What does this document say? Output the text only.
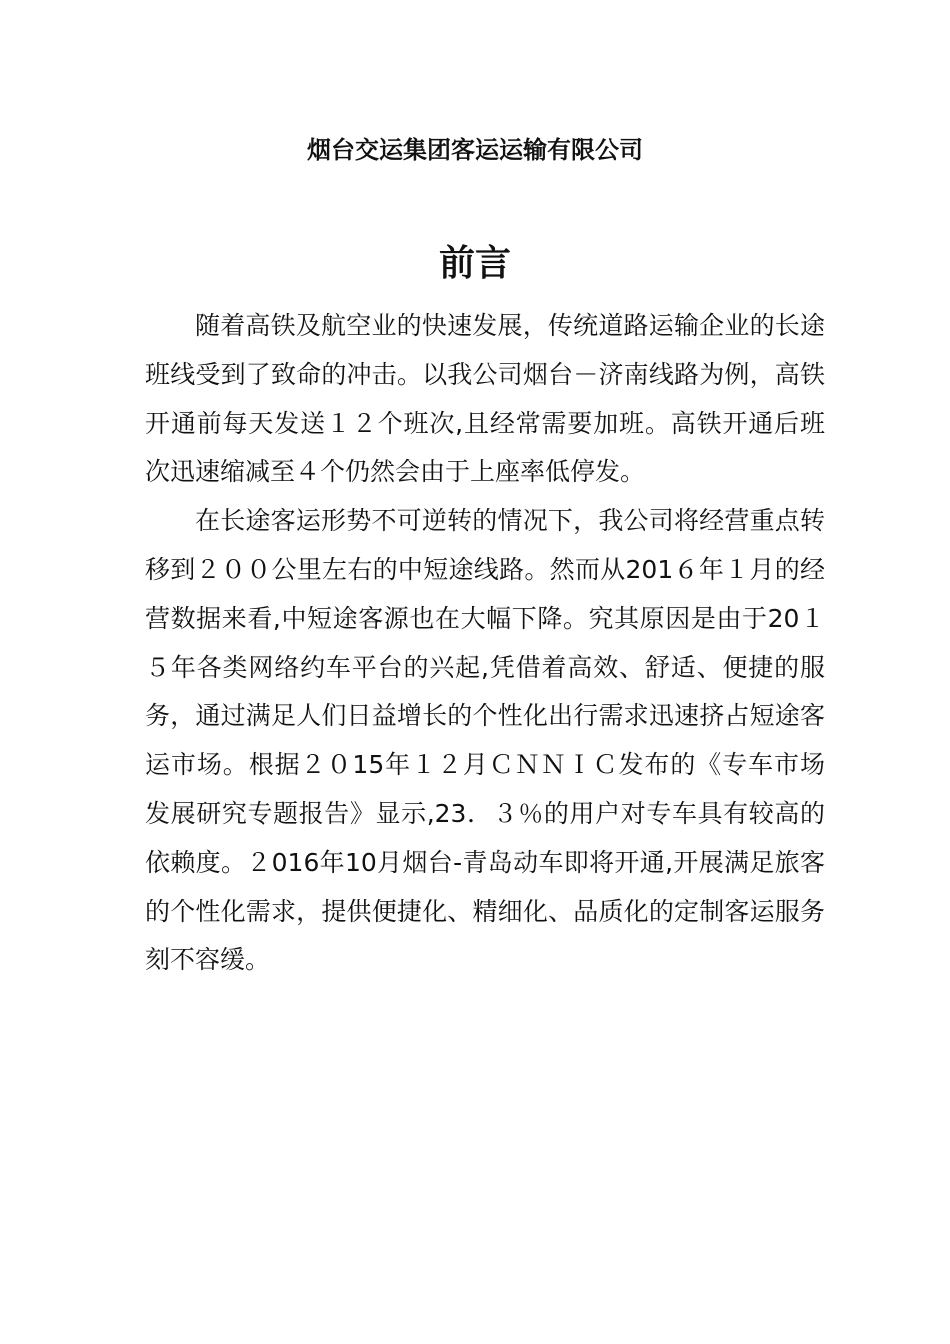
烟台交运集团客运运输有限公司
前言

随着高铁及航空业的快速发展，传统道路运输企业的长途班线受到了致命的冲击。以我公司烟台－济南线路为例，高铁开通前每天发送１２个班次,且经常需要加班。高铁开通后班次迅速缩减至４个仍然会由于上座率低停发。

在长途客运形势不可逆转的情况下，我公司将经营重点转移到２００公里左右的中短途线路。然而从201６年１月的经营数据来看,中短途客源也在大幅下降。究其原因是由于20１５年各类网络约车平台的兴起,凭借着高效、舒适、便捷的服务，通过满足人们日益增长的个性化出行需求迅速挤占短途客运市场。根据２０15年１２月ＣＮＮＩＣ发布的《专车市场发展研究专题报告》显示,23．３％的用户对专车具有较高的依赖度。２016年10月烟台-青岛动车即将开通,开展满足旅客的个性化需求，提供便捷化、精细化、品质化的定制客运服务刻不容缓。
